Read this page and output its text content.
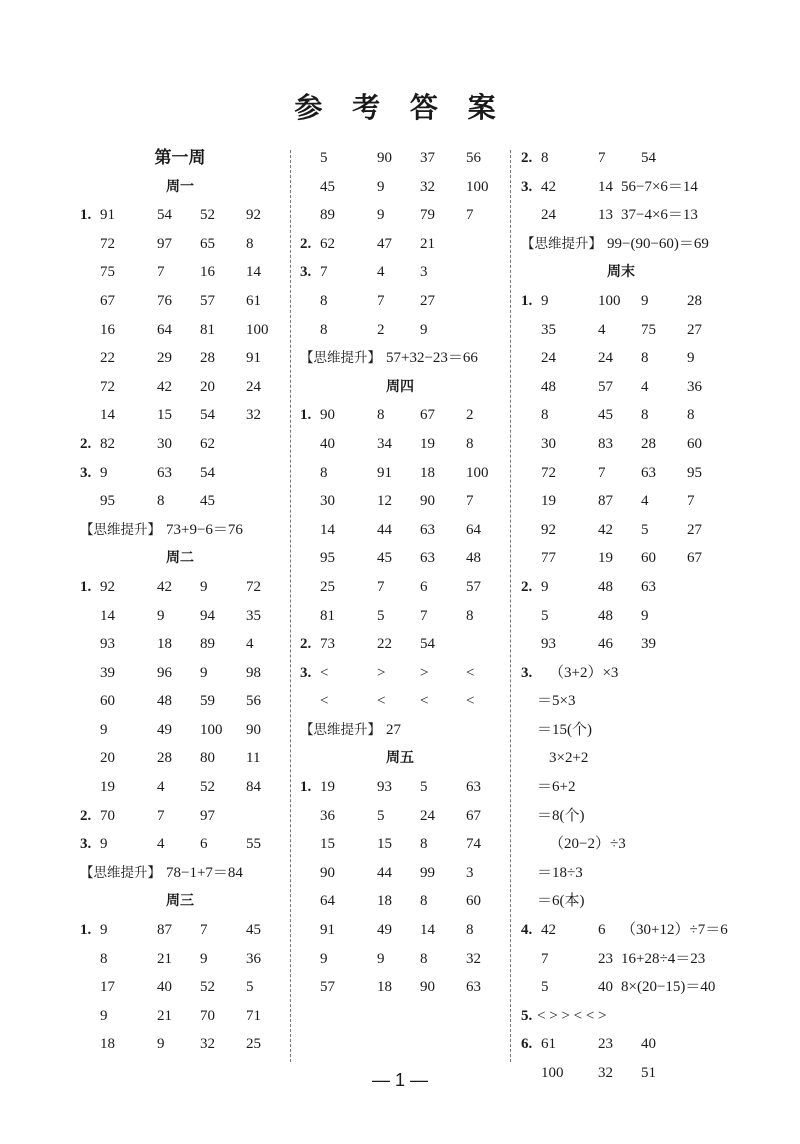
参 考 答 案
第一周
周一
1. 91	54 52 92
72	97 65 8
75	7 16 14
67	76 57 61
16	64 81 100
22	29 28 91
72	42 20 24
14	15 54 32
2. 82	30 62
3. 9	63 54
95	8 45
【思维提升】 73+9−6＝76
周二
1. 92	42 9	72
14	9 94 35
93	18 89 4
39	96 9	98
60	48 59 56
9	49 100 90
20	28 80 11
19	4 52 84
2. 70	7 97
3. 9	4 6	55
【思维提升】 78−1+7＝84
周三
1. 9	87 7	45
8	21 9	36
17	40 52 5
9	21 70 71
18	9 32 25
5	90 37 56
45	9 32 100
89	9 79 7
2. 62	47 21
3. 7	4 3
8	7 27
8	2 9
【思维提升】 57+32−23＝66
周四
1. 90	8 67 2
40	34 19 8
8	91 18 100
30	12 90 7
14	44 63 64
95	45 63 48
25	7 6	57
81	5 7	8
2. 73	22 54
3. <	> >	<
<	< <	<
【思维提升】 27
周五
1. 19	93 5	63
36	5 24 67
15	15 8	74
90	44 99 3
64	18 8	60
91	49 14 8
9	9 8	32
57	18 90 63
2. 8	7 54
3. 42	14 56−7×6＝14
24	13 37−4×6＝13
【思维提升】 99−(90−60)＝69
周末
1. 9	100 9	28
35	4 75 27
24	24 8	9
48	57 4	36
8	45 8	8
30	83 28 60
72	7 63 95
19	87 4	7
92	42 5	27
77	19 60 67
2. 9	48 63
5	48 9
93	46 39
3. （3+2）×3
＝5×3
＝15(个)
3×2+2
＝6+2
＝8(个)
（20−2）÷3
＝18÷3
＝6(本)
4. 42	6 （30+12）÷7＝6
7	23 16+28÷4＝23
5	40 8×(20−15)＝40
5. < > > < < >
6. 61	23 40
100 32 51
— 1 —
